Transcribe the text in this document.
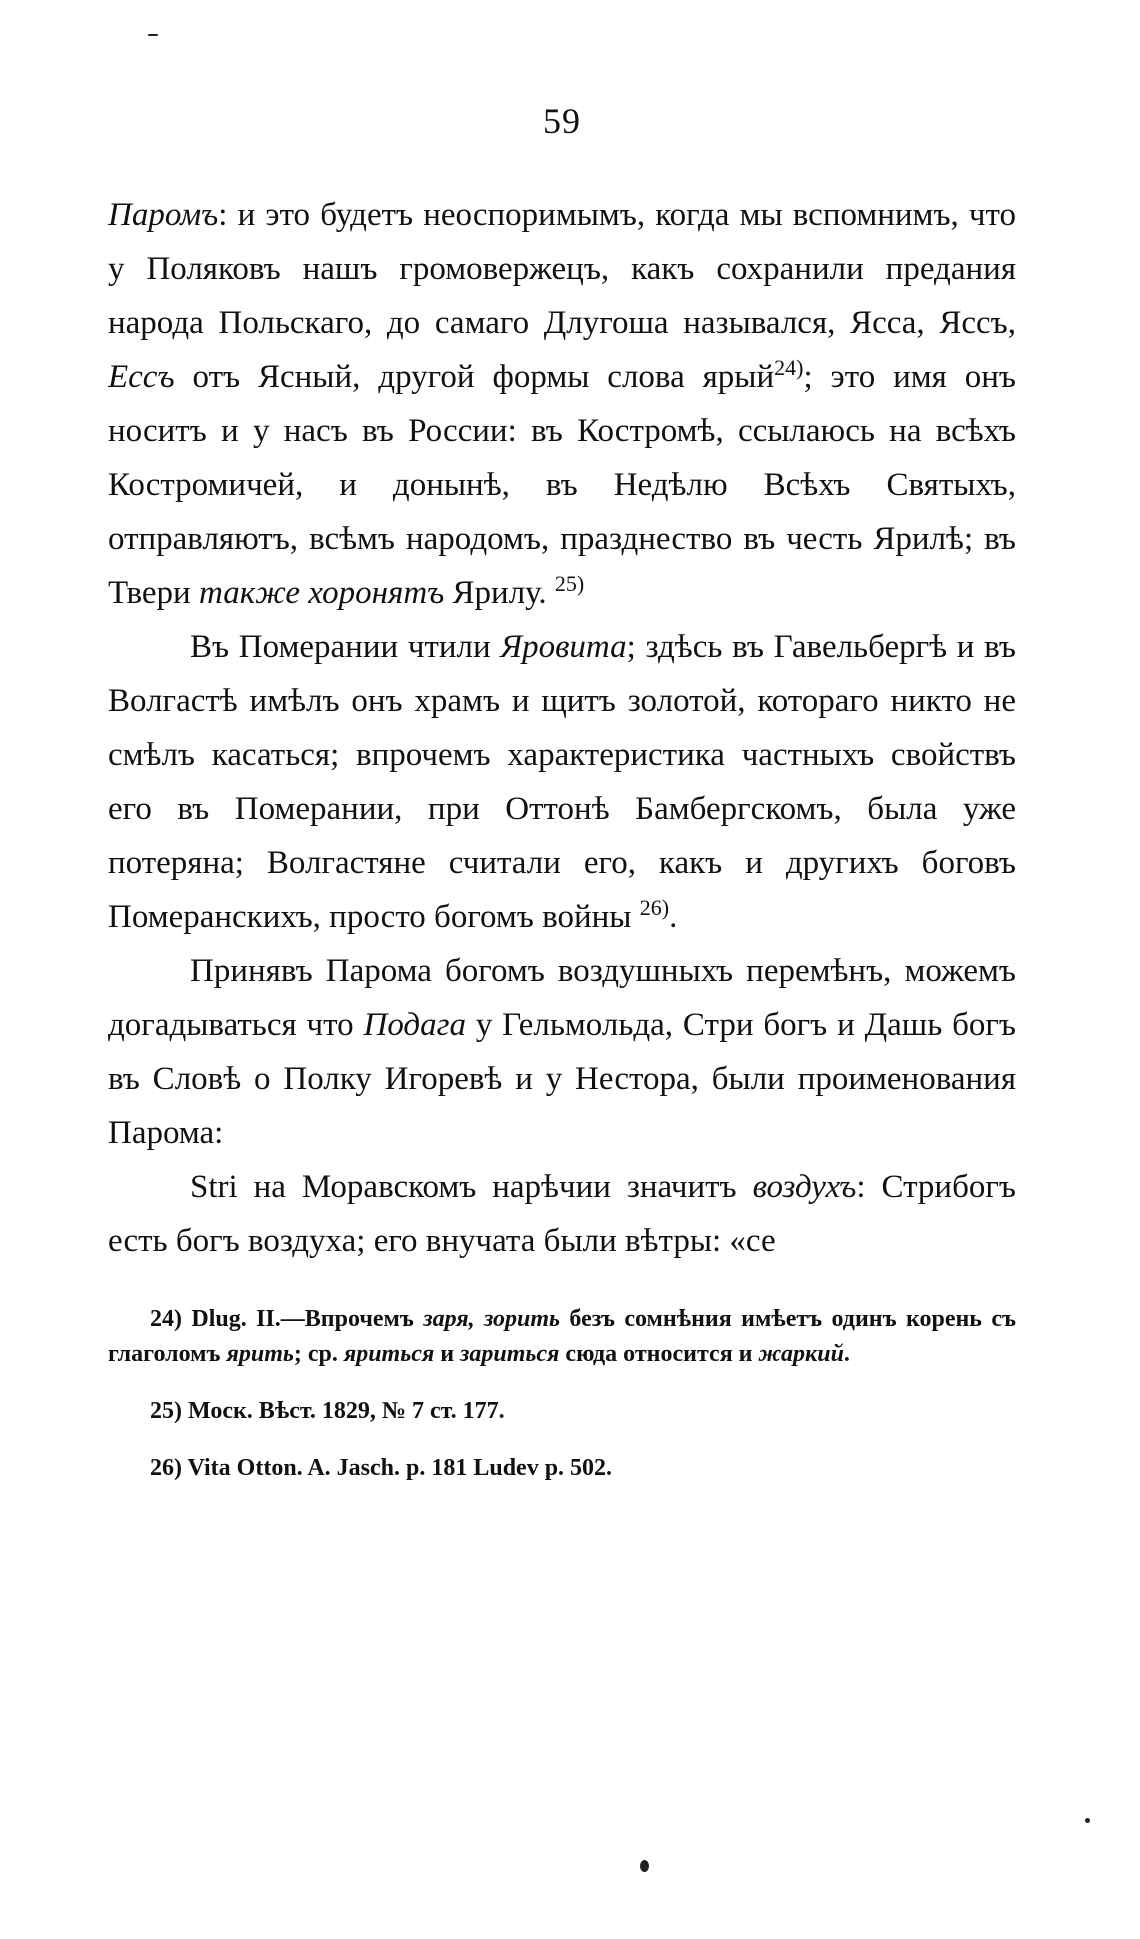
59

Паромъ: и это будетъ неоспоримымъ, когда мы вспомнимъ, что у Поляковъ нашъ громовержецъ, какъ сохранили предания народа Польскаго, до самаго Длугоша назывался, Ясса, Яссъ, Есcъ отъ Ясный, другой формы слова ярый$^{24)}$; это имя онъ носитъ и у насъ въ России: въ Костромѣ, ссылаюсь на всѣхъ Костромичей, и донынѣ, въ Недѣлю Всѣхъ Святыхъ, отправляютъ, всѣмъ народомъ, празднество въ честь Ярилѣ; въ Твери также хоронятъ Ярилу. $^{25)}$

Въ Померании чтили Яровита; здѣсь въ Гавельбергѣ и въ Волгастѣ имѣлъ онъ храмъ и щитъ золотой, котораго никто не смѣлъ касаться; впрочемъ характеристика частныхъ свойствъ его въ Померании, при Оттонѣ Бамбергскомъ, была уже потеряна; Волгастяне считали его, какъ и другихъ боговъ Померанскихъ, просто богомъ войны $^{26)}$.

Принявъ Парома богомъ воздушныхъ перемѣнъ, можемъ догадываться что Подага у Гельмольда, Стри богъ и Дашь богъ въ Словѣ о Полку Игоревѣ и у Нестора, были проименования Парома:

Stri на Моравскомъ нарѣчии значитъ воздухъ: Стрибогъ есть богъ воздуха; его внучата были вѣтры: «се

24) Dlug. II.—Впрочемъ заря, зорить безъ сомнѣния имѣетъ одинъ корень съ глаголомъ ярить; ср. яриться и зариться сюда относится и жаркий.

25) Моск. Вѣст. 1829, № 7 ст. 177.

26) Vita Otton. A. Jasch. p. 181 Ludev p. 502.
